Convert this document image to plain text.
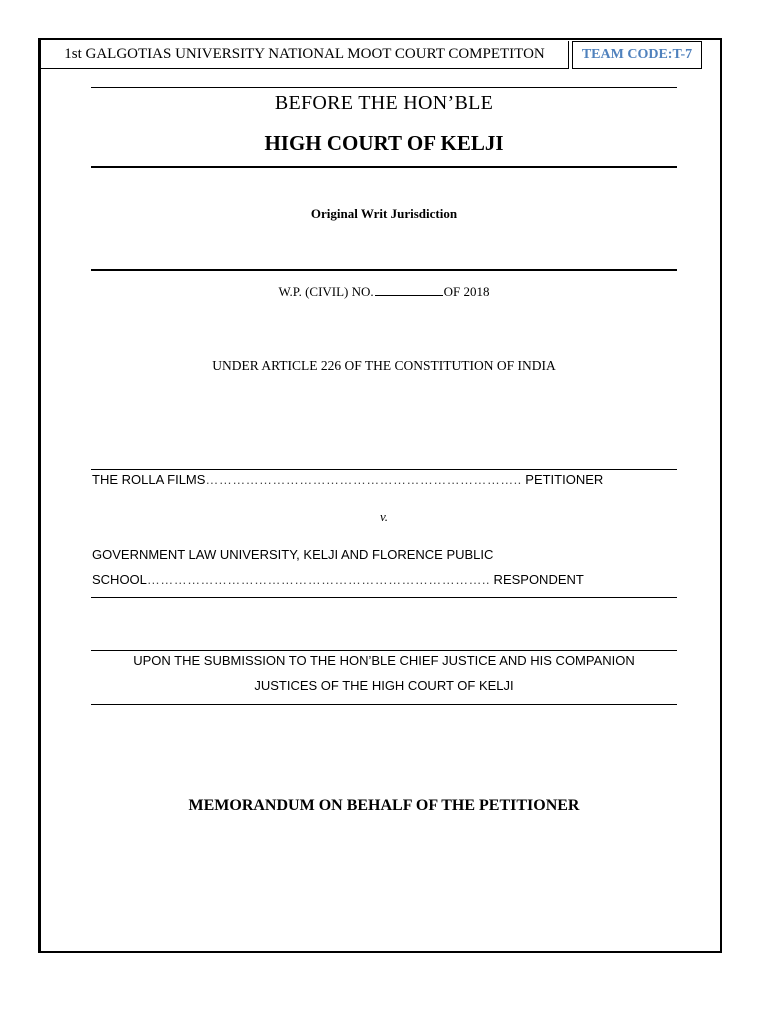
1st GALGOTIAS UNIVERSITY NATIONAL MOOT COURT COMPETITON	TEAM CODE:T-7
BEFORE THE HON’BLE
HIGH COURT OF KELJI
Original Writ Jurisdiction
W.P. (CIVIL) NO.	OF 2018
UNDER ARTICLE 226 OF THE CONSTITUTION OF INDIA
THE ROLLA FILMS…………………………………………………………….. PETITIONER
v.
GOVERNMENT LAW UNIVERSITY, KELJI AND FLORENCE PUBLIC
SCHOOL………………………………………………………………….. RESPONDENT
UPON THE SUBMISSION TO THE HON’BLE CHIEF JUSTICE AND HIS COMPANION
JUSTICES OF THE HIGH COURT OF KELJI
MEMORANDUM ON BEHALF OF THE PETITIONER
